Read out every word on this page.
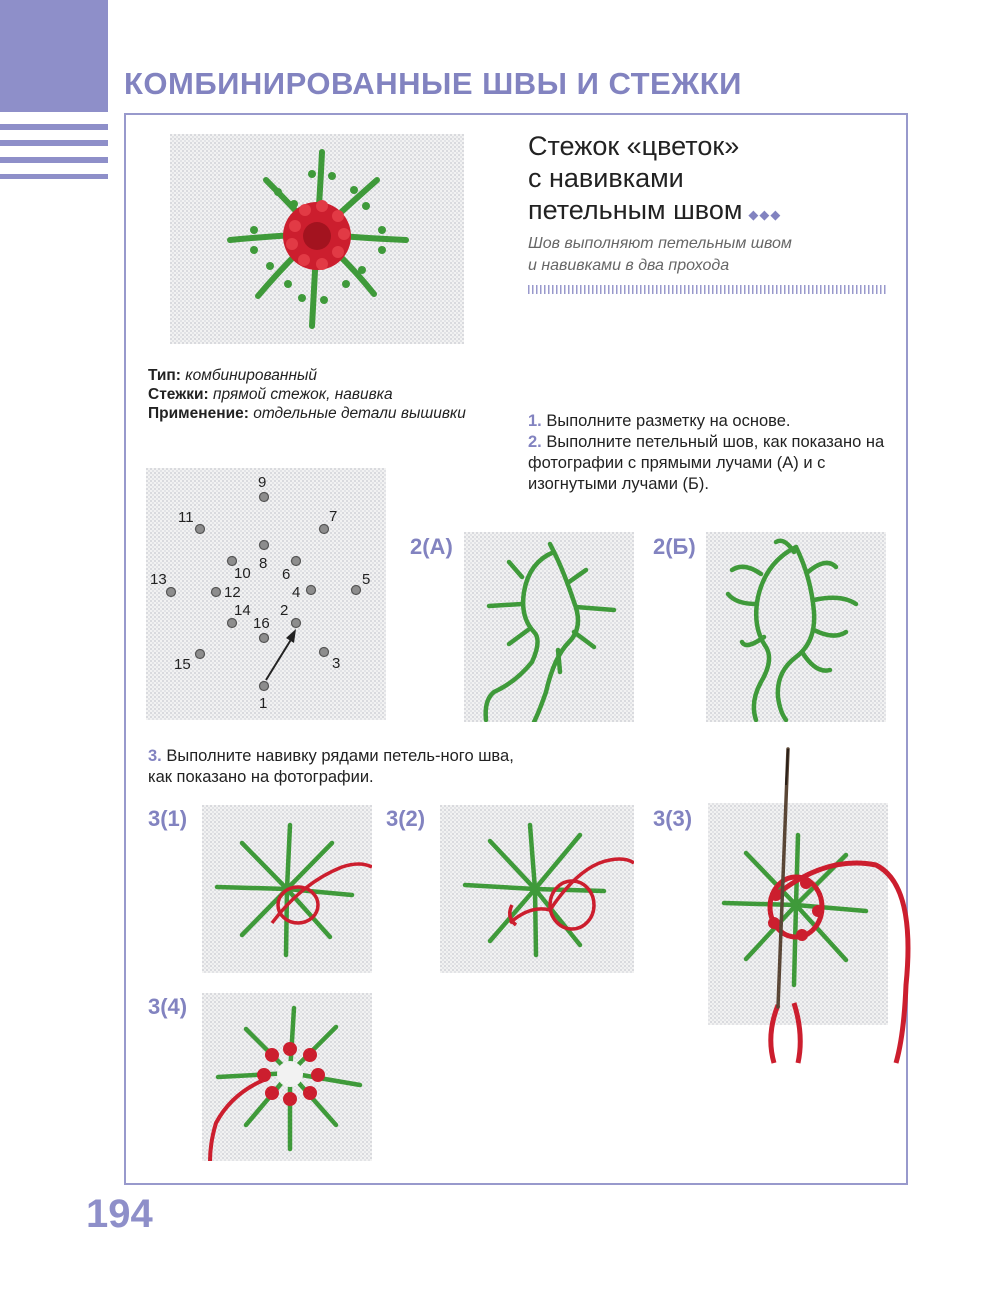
КОМБИНИРОВАННЫЕ ШВЫ И СТЕЖКИ
Стежок «цветок»
с навивками
петельным швом ◆◆◆
Шов выполняют петельным швом
и навивками в два прохода
Тип: комбинированный
Стежки: прямой стежок, навивка
Применение: отдельные детали вышивки	1. Выполните разметку на основе.
2. Выполните петельный шов, как показано на фотографии с прямыми лучами (А) и с изогнутыми лучами (Б).
9
11	7
8
10 6
13
12	4
5
14 2
16
15	3
1
2(А)	2(Б)
3. Выполните навивку рядами петель-ного шва, как показано на фотографии.
3(1)	3(2)	3(3)
3(4)
194
